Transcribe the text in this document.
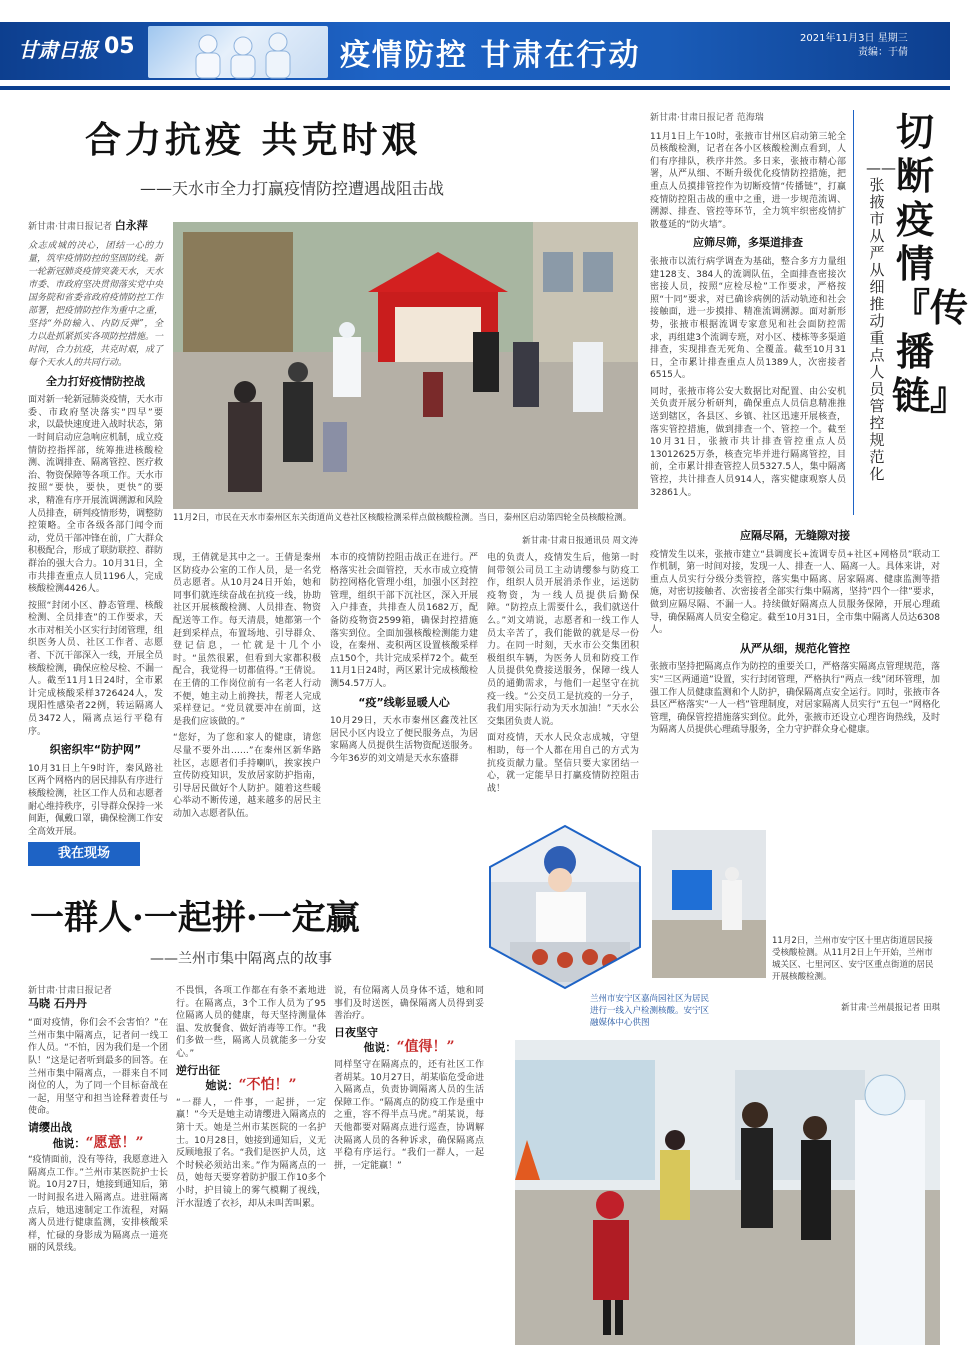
甘肃日报 05	疫情防控 甘肃在行动	2021年11月3日 星期三
责编：于倩
合力抗疫 共克时艰
——天水市全力打赢疫情防控遭遇战阻击战
新甘肃·甘肃日报记者 白永萍
众志成城的决心，团结一心的力量，筑牢疫情防控的坚固防线。新一轮新冠肺炎疫情突袭天水，天水市委、市政府坚决贯彻落实党中央国务院和省委省政府疫情防控工作部署，把疫情防控作为重中之重，坚持“外防输入、内防反弹”，全力以赴抓紧抓实各项防控措施。一时间，合力抗疫，共克时艰，成了每个天水人的共同行动。
全力打好疫情防控战
面对新一轮新冠肺炎疫情，天水市委、市政府坚决落实“四早”要求，以最快速度进入战时状态，第一时间启动应急响应机制，成立疫情防控指挥部，统筹推进核酸检测、流调排查、隔离管控、医疗救治、物资保障等各项工作。天水市按照“要快，要快，更快”的要求，精准有序开展流调溯源和风险人员排查，研判疫情形势，调整防控策略。全市各级各部门闻令而动，党员干部冲锋在前，广大群众积极配合，形成了联防联控、群防群治的强大合力。10月31日，全市共排查重点人员1196人，完成核酸检测4426人。
按照“封闭小区、静态管理、核酸检测、全员排查”的工作要求，天水市对相关小区实行封闭管理，组织医务人员、社区工作者、志愿者、下沉干部深入一线，开展全员核酸检测，确保应检尽检、不漏一人。截至11月1日24时，全市累计完成核酸采样3726424人，发现阳性感染者22例，转运隔离人员3472人，隔离点运行平稳有序。
织密织牢“防护网”
10月31日上午9时许，秦风路社区两个网格内的居民排队有序进行核酸检测，社区工作人员和志愿者耐心维持秩序，引导群众保持一米间距，佩戴口罩，确保检测工作安全高效开展。
11月2日，市民在天水市秦州区东关街道尚义巷社区核酸检测采样点做核酸检测。当日，秦州区启动第四轮全员核酸检测。
新甘肃·甘肃日报通讯员 周文涛
现，王倩就是其中之一。王倩是秦州区防疫办公室的工作人员，是一名党员志愿者。从10月24日开始，她和同事们就连续奋战在抗疫一线，协助社区开展核酸检测、人员排查、物资配送等工作。每天清晨，她都第一个赶到采样点，布置场地、引导群众、登记信息，一忙就是十几个小时。“虽然很累，但看到大家都积极配合，我觉得一切都值得。”王倩说。在王倩的工作岗位前有一名老人行动不便，她主动上前搀扶，帮老人完成采样登记。“党员就要冲在前面，这是我们应该做的。”
“您好，为了您和家人的健康，请您尽量不要外出……”在秦州区新华路社区，志愿者们手持喇叭，挨家挨户宣传防疫知识，发放居家防护指南，引导居民做好个人防护。随着这些暖心举动不断传递，越来越多的居民主动加入志愿者队伍。
本市的疫情防控阻击战正在进行。严格落实社会面管控，天水市成立疫情防控网格化管理小组，加强小区封控管理，组织干部下沉社区，深入开展入户排查，共排查人员1682万，配备防疫物资2599箱，确保封控措施落实到位。全面加强核酸检测能力建设，在秦州、麦积两区设置核酸采样点150个，共计完成采样72个。截至11月1日24时，两区累计完成核酸检测54.57万人。
“疫”线彰显暖人心
10月29日，天水市秦州区鑫茂社区居民小区内设立了便民服务点，为居家隔离人员提供生活物资配送服务。今年36岁的刘文靖是天水东盛群
电的负责人，疫情发生后，他第一时间带领公司员工主动请缨参与防疫工作，组织人员开展消杀作业，运送防疫物资，为一线人员提供后勤保障。“防控点上需要什么，我们就送什么。”刘文靖说，志愿者和一线工作人员太辛苦了，我们能做的就是尽一份力。在同一时刻，天水市公交集团积极组织车辆，为医务人员和防疫工作人员提供免费接送服务，保障一线人员的通勤需求，与他们一起坚守在抗疫一线。“公交员工是抗疫的一分子，我们用实际行动为天水加油！”天水公交集团负责人说。
面对疫情，天水人民众志成城，守望相助，每一个人都在用自己的方式为抗疫贡献力量。坚信只要大家团结一心，就一定能早日打赢疫情防控阻击战！
切断疫情『传播链』
——张掖市从严从细推动重点人员管控规范化
新甘肃·甘肃日报记者 范海瑞
11月1日上午10时，张掖市甘州区启动第三轮全员核酸检测，记者在各小区核酸检测点看到，人们有序排队，秩序井然。多日来，张掖市精心部署，从严从细、不断升级优化疫情防控措施，把重点人员摸排管控作为切断疫情“传播链”，打赢疫情防控阻击战的重中之重，进一步规范流调、溯源、排查、管控等环节，全力筑牢织密疫情扩散蔓延的“防火墙”。
应筛尽筛，多渠道排查
张掖市以流行病学调查为基础，整合多方力量组建128支、384人的流调队伍，全面排查密接次密接人员，按照“应检尽检”工作要求，严格按照“十同”要求，对已确诊病例的活动轨迹和社会接触面，进一步摸排、精准流调溯源。面对新形势，张掖市根据流调专家意见和社会面防控需求，再组建3个流调专班，对小区、楼栋等多渠道排查，实现排查无死角、全覆盖。截至10月31日，全市累计排查重点人员1389人，次密接者6515人。
同时，张掖市将公安大数据比对配置、由公安机关负责开展分析研判，确保重点人员信息精准推送到辖区，各县区、乡镇、社区迅速开展核查，落实管控措施，做到排查一个、管控一个。截至10月31日，张掖市共计排查管控重点人员13012625万条，核查完毕并进行隔离管控，目前，全市累计排查管控人员5327.5人，集中隔离管控，共计排查人员914人，落实健康观察人员32861人。
应隔尽隔，无缝隙对接
疫情发生以来，张掖市建立“县调度长+流调专员+社区+网格员”联动工作机制，第一时间对接，发现一人、排查一人、隔离一人。具体来讲，对重点人员实行分级分类管控，落实集中隔离、居家隔离、健康监测等措施，对密切接触者、次密接者全部实行集中隔离，坚持“四个一律”要求，做到应隔尽隔、不漏一人。持续做好隔离点人员服务保障，开展心理疏导，确保隔离人员安全稳定。截至10月31日，全市集中隔离人员达6308人。
从严从细，规范化管控
张掖市坚持把隔离点作为防控的重要关口，严格落实隔离点管理规范，落实“三区两通道”设置，实行封闭管理，严格执行“两点一线”闭环管理，加强工作人员健康监测和个人防护，确保隔离点安全运行。同时，张掖市各县区严格落实“一人一档”管理制度，对居家隔离人员实行“五包一”网格化管理，确保管控措施落实到位。此外，张掖市还设立心理咨询热线，及时为隔离人员提供心理疏导服务，全力守护群众身心健康。
我在现场
一群人·一起拼·一定赢
——兰州市集中隔离点的故事
兰州市安宁区嘉尚园社区为居民进行一线入户检测核酸。安宁区融媒体中心供图
11月2日，兰州市安宁区十里店街道居民接受核酸检测。从11月2日上午开始，兰州市城关区、七里河区、安宁区重点街道的居民开展核酸检测。
新甘肃·兰州晨报记者 田琪
新甘肃·甘肃日报记者
马晓 石丹丹
“面对疫情，你们会不会害怕？”在兰州市集中隔离点，记者问一线工作人员。“不怕，因为我们是一个团队！”这是记者听到最多的回答。在兰州市集中隔离点，一群来自不同岗位的人，为了同一个目标奋战在一起，用坚守和担当诠释着责任与使命。
请缨出战
他说：“愿意！”
“疫情面前，没有等待，我愿意进入隔离点工作。”兰州市某医院护士长说。10月27日，她接到通知后，第一时间报名进入隔离点。进驻隔离点后，她迅速制定工作流程，对隔离人员进行健康监测，安排核酸采样，忙碌的身影成为隔离点一道亮丽的风景线。
不畏惧，各项工作都在有条不紊地进行。在隔离点，3个工作人员为了95位隔离人员的健康，每天坚持测量体温、发放餐食、做好消毒等工作。“我们多做一些，隔离人员就能多一分安心。”
逆行出征
她说：“不怕！”
“一群人，一件事，一起拼，一定赢！”今天是她主动请缨进入隔离点的第十天。她是兰州市某医院的一名护士。10月28日，她接到通知后，义无反顾地报了名。“我们是医护人员，这个时候必须站出来。”作为隔离点的一员，她每天要穿着防护服工作10多个小时，护目镜上的雾气模糊了视线，汗水湿透了衣衫，却从未叫苦叫累。
说，有位隔离人员身体不适，她和同事们及时送医，确保隔离人员得到妥善治疗。
日夜坚守
他说：“值得！”
同样坚守在隔离点的，还有社区工作者胡某。10月27日，胡某临危受命进入隔离点，负责协调隔离人员的生活保障工作。“隔离点的防疫工作是重中之重，容不得半点马虎。”胡某说，每天他都要对隔离点进行巡查，协调解决隔离人员的各种诉求，确保隔离点平稳有序运行。“我们一群人，一起拼，一定能赢！”
